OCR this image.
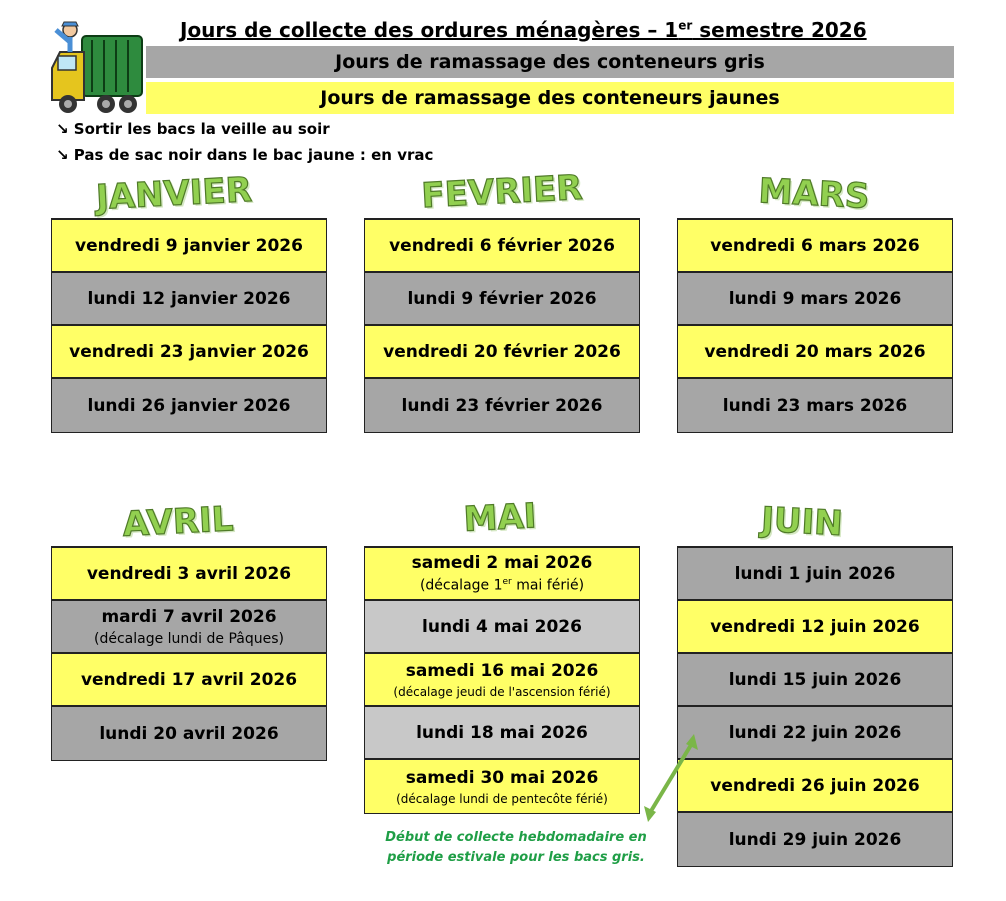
Jours de collecte des ordures ménagères – 1er semestre 2026
Jours de ramassage des conteneurs gris
Jours de ramassage des conteneurs jaunes
↘ Sortir les bacs la veille au soir
↘ Pas de sac noir dans le bac jaune : en vrac
JANVIER	FEVRIER	MARS
vendredi 9 janvier 2026
lundi 12 janvier 2026
vendredi 23 janvier 2026
lundi 26 janvier 2026
vendredi 6 février 2026
lundi 9 février 2026
vendredi 20 février 2026
lundi 23 février 2026
vendredi 6 mars 2026
lundi 9 mars 2026
vendredi 20 mars 2026
lundi 23 mars 2026
AVRIL	MAI	JUIN
vendredi 3 avril 2026
mardi 7 avril 2026
(décalage lundi de Pâques)
vendredi 17 avril 2026
lundi 20 avril 2026
samedi 2 mai 2026
(décalage 1er mai férié)
lundi 4 mai 2026
samedi 16 mai 2026
(décalage jeudi de l'ascension férié)
lundi 18 mai 2026
samedi 30 mai 2026
(décalage lundi de pentecôte férié)
lundi 1 juin 2026
vendredi 12 juin 2026
lundi 15 juin 2026
lundi 22 juin 2026
vendredi 26 juin 2026
lundi 29 juin 2026
Début de collecte hebdomadaire en
période estivale pour les bacs gris.
